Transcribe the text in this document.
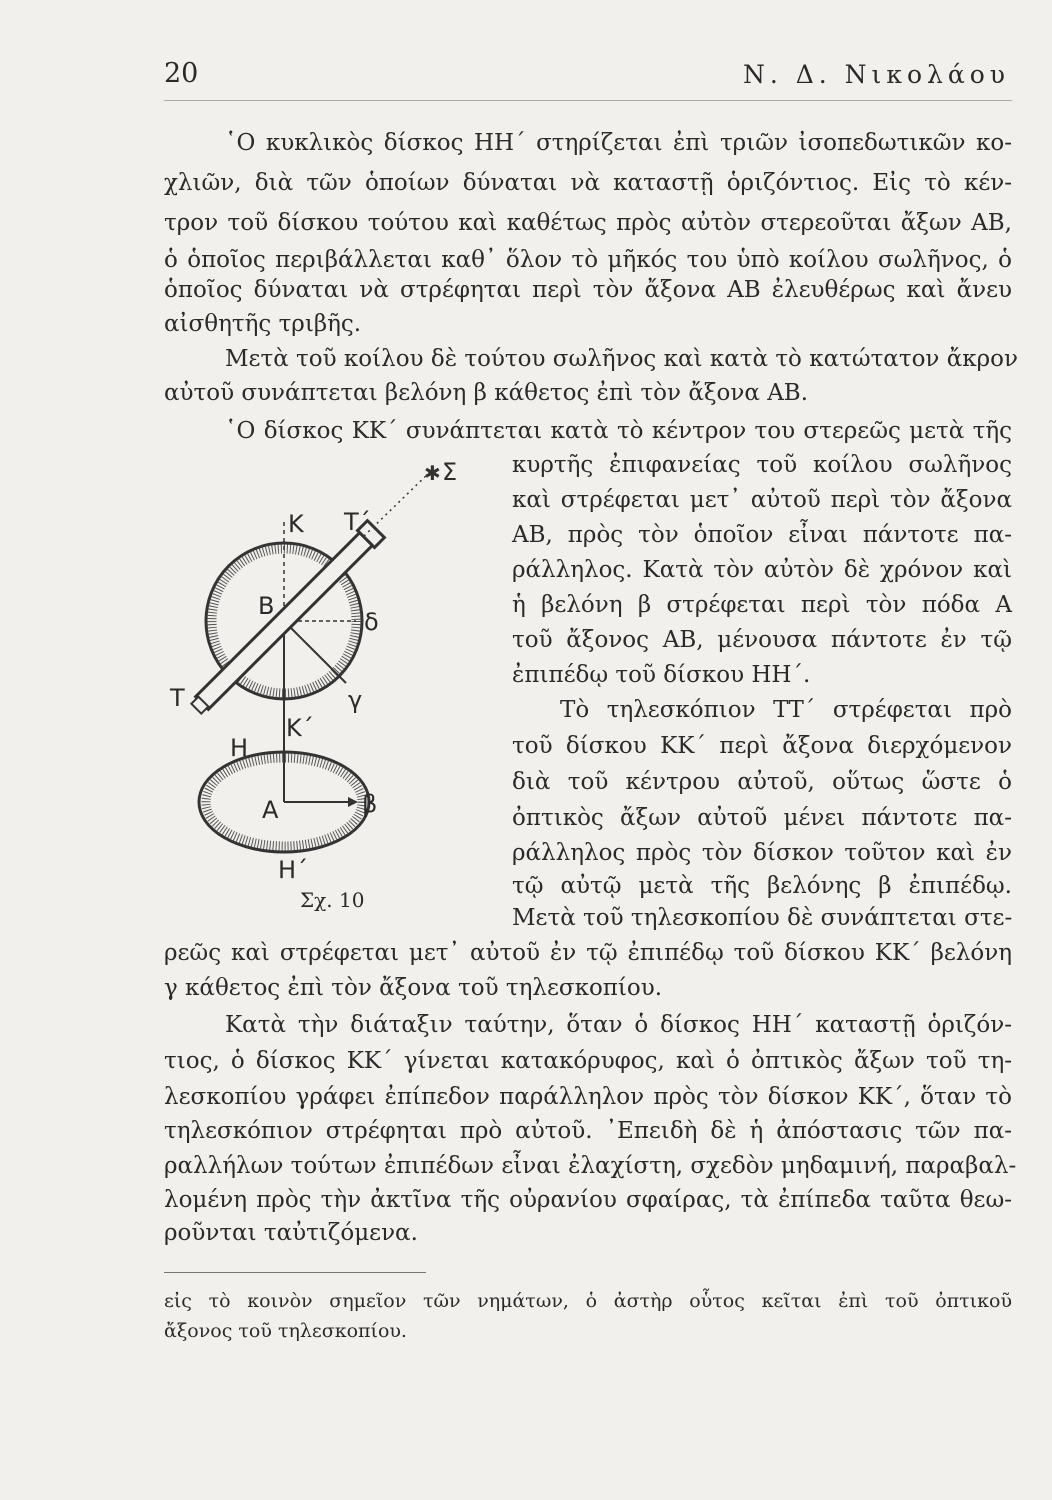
20	Ν. Δ. Νικολάου
῾Ο κυκλικὸς δίσκος ΗΗ΄ στηρίζεται ἐπὶ τριῶν ἰσοπεδωτικῶν κο-
χλιῶν, διὰ τῶν ὁποίων δύναται νὰ καταστῇ ὁριζόντιος. Εἰς τὸ κέν-
τρον τοῦ δίσκου τούτου καὶ καθέτως πρὸς αὐτὸν στερεοῦται ἄξων ΑΒ,
ὁ ὁποῖος περιβάλλεται καθ᾽ ὅλον τὸ μῆκός του ὑπὸ κοίλου σωλῆνος, ὁ
ὁποῖος δύναται νὰ στρέφηται περὶ τὸν ἄξονα ΑΒ ἐλευθέρως καὶ ἄνευ
αἰσθητῆς τριβῆς.
Μετὰ τοῦ κοίλου δὲ τούτου σωλῆνος καὶ κατὰ τὸ κατώτατον ἄκρον
αὐτοῦ συνάπτεται βελόνη β κάθετος ἐπὶ τὸν ἄξονα ΑΒ.
῾Ο δίσκος ΚΚ΄ συνάπτεται κατὰ τὸ κέντρον του στερεῶς μετὰ τῆς
κυρτῆς ἐπιφανείας τοῦ κοίλου σωλῆνος
καὶ στρέφεται μετ᾽ αὐτοῦ περὶ τὸν ἄξονα
ΑΒ, πρὸς τὸν ὁποῖον εἶναι πάντοτε πα-
ράλληλος. Κατὰ τὸν αὐτὸν δὲ χρόνον καὶ
ἡ βελόνη β στρέφεται περὶ τὸν πόδα Α
τοῦ ἄξονος ΑΒ, μένουσα πάντοτε ἐν τῷ
ἐπιπέδῳ τοῦ δίσκου ΗΗ΄.
Τὸ τηλεσκόπιον ΤΤ΄ στρέφεται πρὸ
τοῦ δίσκου ΚΚ΄ περὶ ἄξονα διερχόμενον
διὰ τοῦ κέντρου αὐτοῦ, οὕτως ὥστε ὁ
ὀπτικὸς ἄξων αὐτοῦ μένει πάντοτε πα-
ράλληλος πρὸς τὸν δίσκον τοῦτον καὶ ἐν
τῷ αὐτῷ μετὰ τῆς βελόνης β ἐπιπέδῳ.
Μετὰ τοῦ τηλεσκοπίου δὲ συνάπτεται στε-
ρεῶς καὶ στρέφεται μετ᾽ αὐτοῦ ἐν τῷ ἐπιπέδῳ τοῦ δίσκου ΚΚ΄ βελόνη
γ κάθετος ἐπὶ τὸν ἄξονα τοῦ τηλεσκοπίου.
Κατὰ τὴν διάταξιν ταύτην, ὅταν ὁ δίσκος ΗΗ΄ καταστῇ ὁριζόν-
τιος, ὁ δίσκος ΚΚ΄ γίνεται κατακόρυφος, καὶ ὁ ὀπτικὸς ἄξων τοῦ τη-
λεσκοπίου γράφει ἐπίπεδον παράλληλον πρὸς τὸν δίσκον ΚΚ΄, ὅταν τὸ
τηλεσκόπιον στρέφηται πρὸ αὐτοῦ. ᾿Επειδὴ δὲ ἡ ἀπόστασις τῶν πα-
ραλλήλων τούτων ἐπιπέδων εἶναι ἐλαχίστη, σχεδὸν μηδαμινή, παραβαλ-
λομένη πρὸς τὴν ἀκτῖνα τῆς οὐρανίου σφαίρας, τὰ ἐπίπεδα ταῦτα θεω-
ροῦνται ταὐτιζόμενα.
✱ Σ
Κ Τ΄
Β
δ
Τ	γ
Κ΄
Η
Α	β
Η΄
Σχ. 10
εἰς τὸ κοινὸν σημεῖον τῶν νημάτων, ὁ ἀστὴρ οὗτος κεῖται ἐπὶ τοῦ ὀπτικοῦ
ἄξονος τοῦ τηλεσκοπίου.
